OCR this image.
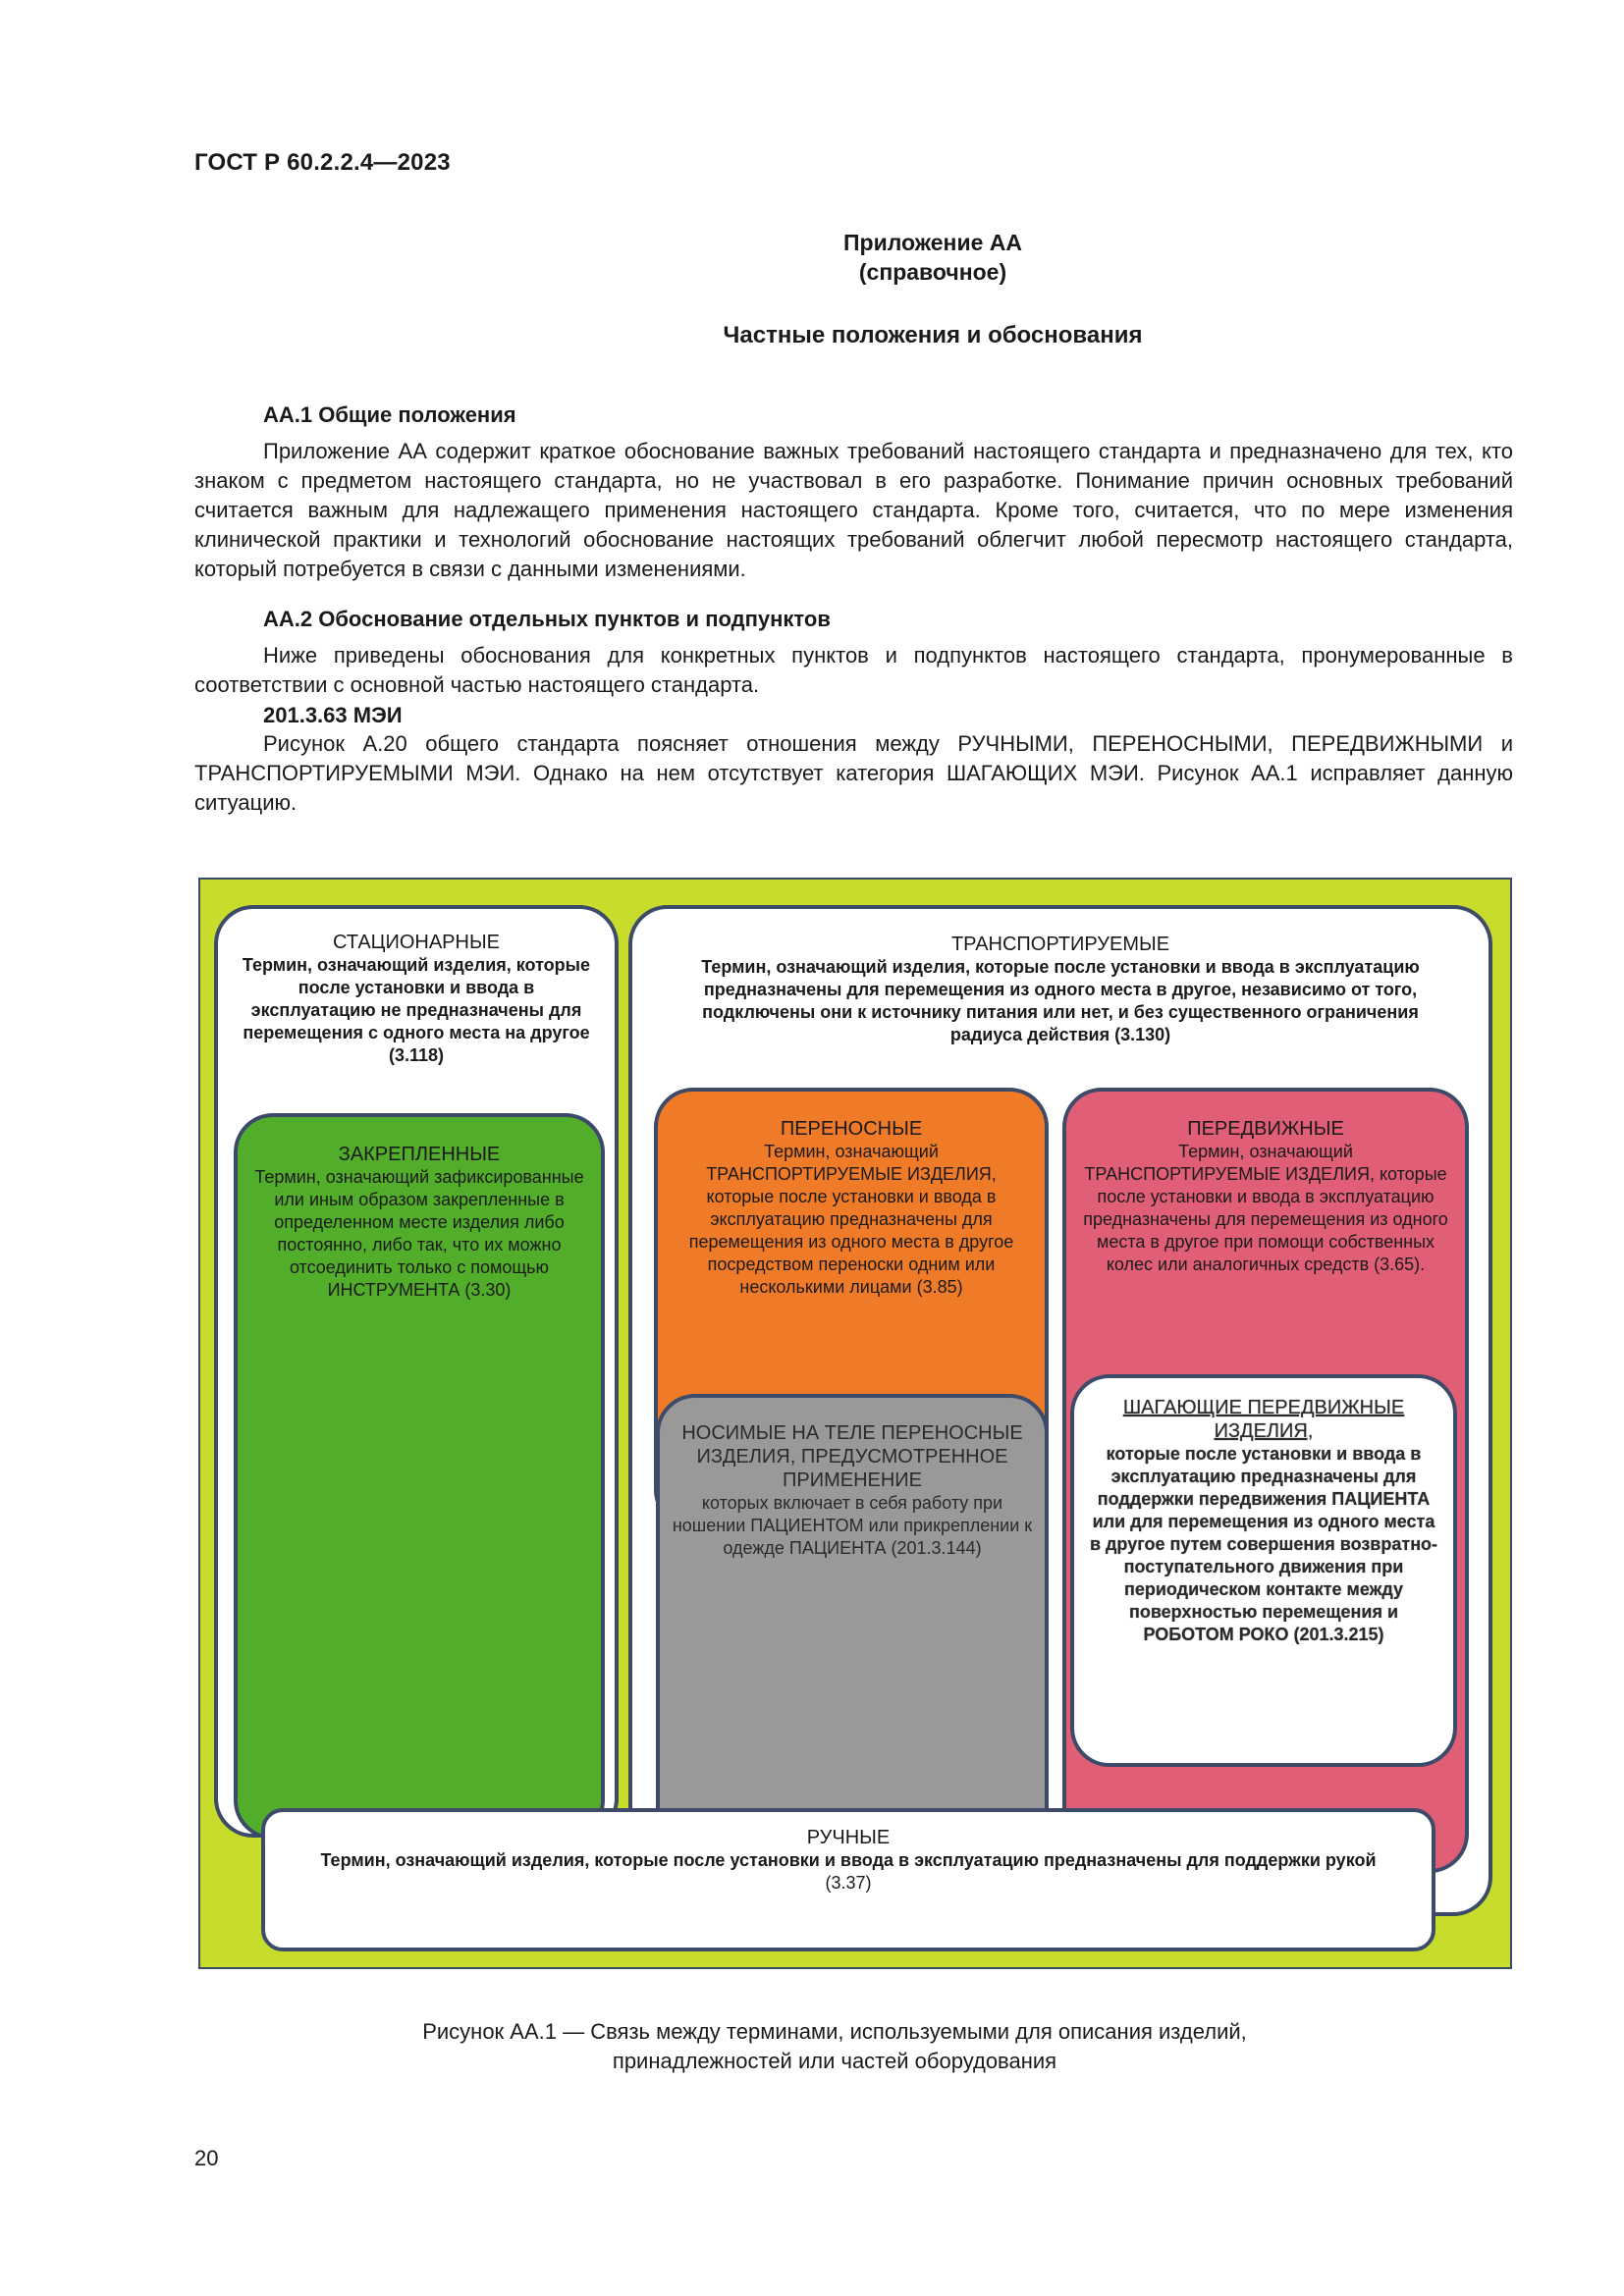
ГОСТ Р 60.2.2.4—2023
Приложение АА
(справочное)
Частные положения и обоснования
АА.1 Общие положения
Приложение АА содержит краткое обоснование важных требований настоящего стандарта и предназначено для тех, кто знаком с предметом настоящего стандарта, но не участвовал в его разработке. Понимание причин основных требований считается важным для надлежащего применения настоящего стандарта. Кроме того, считается, что по мере изменения клинической практики и технологий обоснование настоящих требований облегчит любой пересмотр настоящего стандарта, который потребуется в связи с данными изменениями.
АА.2 Обоснование отдельных пунктов и подпунктов
Ниже приведены обоснования для конкретных пунктов и подпунктов настоящего стандарта, пронумерованные в соответствии с основной частью настоящего стандарта.
201.3.63 МЭИ
Рисунок А.20 общего стандарта поясняет отношения между РУЧНЫМИ, ПЕРЕНОСНЫМИ, ПЕРЕДВИЖНЫМИ и ТРАНСПОРТИРУЕМЫМИ МЭИ. Однако на нем отсутствует категория ШАГАЮЩИХ МЭИ. Рисунок АА.1 исправляет данную ситуацию.
СТАЦИОНАРНЫЕ
Термин, означающий изделия, которые после установки и ввода в эксплуатацию не предназначены для перемещения с одного места на другое (3.118)
ТРАНСПОРТИРУЕМЫЕ
Термин, означающий изделия, которые после установки и ввода в эксплуатацию предназначены для перемещения из одного места в другое, независимо от того, подключены они к источнику питания или нет, и без существенного ограничения радиуса действия (3.130)
ЗАКРЕПЛЕННЫЕ
Термин, означающий зафиксированные или иным образом закрепленные в определенном месте изделия либо постоянно, либо так, что их можно отсоединить только с помощью ИНСТРУМЕНТА (3.30)
ПЕРЕНОСНЫЕ
Термин, означающий ТРАНСПОРТИРУЕМЫЕ ИЗДЕЛИЯ, которые после установки и ввода в эксплуатацию предназначены для перемещения из одного места в другое посредством переноски одним или несколькими лицами (3.85)
ПЕРЕДВИЖНЫЕ
Термин, означающий ТРАНСПОРТИРУЕМЫЕ ИЗДЕЛИЯ, которые после установки и ввода в эксплуатацию предназначены для перемещения из одного места в другое при помощи собственных колес или аналогичных средств (3.65).
НОСИМЫЕ НА ТЕЛЕ ПЕРЕНОСНЫЕ ИЗДЕЛИЯ, ПРЕДУСМОТРЕННОЕ ПРИМЕНЕНИЕ
которых включает в себя работу при ношении ПАЦИЕНТОМ или прикреплении к одежде ПАЦИЕНТА (201.3.144)
ШАГАЮЩИЕ ПЕРЕДВИЖНЫЕ ИЗДЕЛИЯ,
которые после установки и ввода в эксплуатацию предназначены для поддержки передвижения ПАЦИЕНТА или для перемещения из одного места в другое путем совершения возвратно-поступательного движения при периодическом контакте между поверхностью перемещения и РОБОТОМ РОКО (201.3.215)
РУЧНЫЕ
Термин, означающий изделия, которые после установки и ввода в эксплуатацию предназначены для поддержки рукой
(3.37)
Рисунок АА.1 — Связь между терминами, используемыми для описания изделий,
принадлежностей или частей оборудования
20
